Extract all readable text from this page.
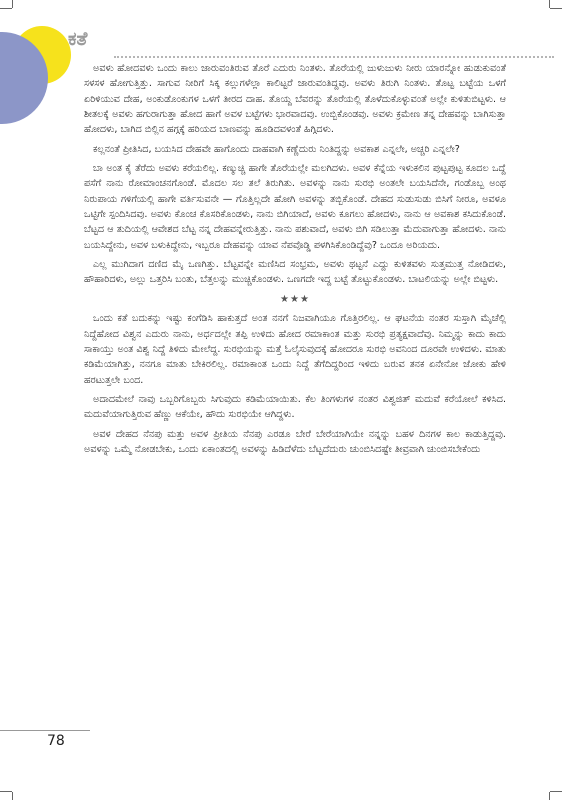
ಕತೆ

ಅವಳು ಹೋದವಳು ಒಂದು ಕಾಲು ಜಾರುವಂತಿರುವ ತೊರೆ ಎದುರು ನಿಂತಳು. ತೊರೆಯಲ್ಲಿ ಜುಳುಜುಳು ನೀರು ಯಾರನ್ನೋ ಹುಡುಕುವಂತೆ ಸಳಸಳ ಹೋಗುತ್ತಿತ್ತು. ಸಾಗುವ ನೀರಿಗೆ ಸಿಕ್ಕ ಕಲ್ಲುಗಳೆಲ್ಲಾ ಕಾಲಿಟ್ಟರೆ ಜಾರುವಂತಿದ್ದವು. ಅವಳು ತಿರುಗಿ ನಿಂತಳು. ತೊಟ್ಟ ಬಟ್ಟೆಯ ಒಳಗೆ ಏರಿಳಿಯುವ ದೇಹ, ಅಂಕುಡೊಂಕುಗಳ ಒಳಗೆ ತೀರದ ದಾಹ. ತೊಯ್ದ ಬೆವರನ್ನು ತೊರೆಯಲ್ಲಿ ತೊಳೆದುಕೊಳ್ಳುವಂತೆ ಅಲ್ಲೇ ಕುಳಿತುಬಿಟ್ಟಳು. ಆ ಶೀತಲಕ್ಕೆ ಅವಳು ಹಗುರಾಗುತ್ತಾ ಹೋದ ಹಾಗೆ ಅವಳ ಬಟ್ಟೆಗಳು ಭಾರವಾದವು. ಉಬ್ಬಿಕೊಂಡವು. ಅವಳು ಕ್ರಮೇಣ ತನ್ನ ದೇಹವನ್ನು ಬಾಗಿಸುತ್ತಾ ಹೋದಳು, ಬಾಗಿದ ಬಿಲ್ಲಿನ ಹಗ್ಗಕ್ಕೆ ಹರಿಯದ ಬಾಣವನ್ನು ಹೂಡಿದವಳಂತೆ ಹಿಗ್ಗಿದಳು.

ಕಲ್ಲನಂತೆ ಪ್ರೀತಿಸಿದ, ಬಯಸಿದ ದೇಹವೇ ಹಾಗೊಂದು ದಾಹವಾಗಿ ಕಣ್ಣೆದುರು ನಿಂತಿದ್ದನ್ನು ಅವಕಾಶ ಎನ್ನಲೇ, ಅಚ್ಚರಿ ಎನ್ನಲೇ?

ಬಾ ಅಂತ ಕೈ ತೆರೆದು ಅವಳು ಕರೆಯಲಿಲ್ಲ. ಕಣ್ಮುಚ್ಚಿ ಹಾಗೇ ತೊರೆಯಲ್ಲೇ ಮಲಗಿದಳು. ಅವಳ ಕೆನ್ನೆಯ ಇಳುಕಲಿನ ಪುಟ್ಟಪುಟ್ಟ ಕೂದಲ ಒದ್ದೆ ಪಸೆಗೆ ನಾನು ರೋಮಾಂಚನಗೊಂಡೆ. ಮೊದಲ ಸಲ ತಲೆ ತಿರುಗಿತು. ಅವಳನ್ನು ನಾನು ಸುರಭಿ ಅಂತಲೇ ಬಯಸಿದೆನೇ, ಗಂಡೊಬ್ಬ ಅಂಥ ನಿರುಪಾಯ ಗಳಿಗೆಯಲ್ಲಿ ಹಾಗೇ ವರ್ತಿಸುವನೇ — ಗೊತ್ತಿಲ್ಲದೇ ಹೋಗಿ ಅವಳನ್ನು ತಬ್ಬಿಕೊಂಡೆ. ದೇಹದ ಸುಡುಸುಡು ಬಿಸಿಗೆ ನೀರೂ, ಅವಳೂ ಒಟ್ಟಿಗೇ ಸ್ಪಂದಿಸಿದವು. ಅವಳು ಕೊಂಚ ಕೊಸರಿಕೊಂಡಳು, ನಾನು ಬಿಗಿಯಾದೆ, ಅವಳು ಕೂಗಲು ಹೋದಳು, ನಾನು ಆ ಅವಕಾಶ ಕಸಿದುಕೊಂಡೆ. ಬೆಟ್ಟದ ಆ ತುದಿಯಲ್ಲಿ ಆವೇಶದ ಬೆಟ್ಟ ನನ್ನ ದೇಹವನ್ನೇರುತ್ತಿತ್ತು. ನಾನು ಪಶುವಾದೆ, ಅವಳು ಬಿಗಿ ಸಡಿಲುತ್ತಾ ಮೆದುವಾಗುತ್ತಾ ಹೋದಳು. ನಾನು ಬಯಸಿದ್ದೇನು, ಅವಳ ಬಳುಕಿದ್ದೇನು, ಇಬ್ಬರೂ ದೇಹವನ್ನು ಯಾವ ನೆಪವೊಡ್ಡಿ ಪಳಗಿಸಿಕೊಂಡಿದ್ದೆವು? ಒಂದೂ ಅರಿಯದು.

ಎಲ್ಲ ಮುಗಿದಾಗ ದಣಿದ ಮೈ ಒಣಗಿತ್ತು. ಬೆಟ್ಟವನ್ನೇ ಮಣಿಸಿದ ಸಂಭ್ರಮ, ಅವಳು ಥಟ್ಟನೆ ಎದ್ದು ಕುಳಿತವಳು ಸುತ್ತಮುತ್ತ ನೋಡಿದಳು, ಹೌಹಾರಿದಳು, ಅಲ್ಲು ಒತ್ತರಿಸಿ ಬಂತು, ಬೆತ್ತಲನ್ನು ಮುಚ್ಚಿಕೊಂಡಳು. ಒಣಗದೇ ಇದ್ದ ಬಟ್ಟೆ ತೊಟ್ಟುಕೊಂಡಳು. ಬಾಟಲಿಯನ್ನು ಅಲ್ಲೇ ಬಿಟ್ಟಳು.

★★★

ಒಂದು ಕತೆ ಬದುಕನ್ನು ಇಷ್ಟು ಕಂಗೆಡಿಸಿ ಹಾಕುತ್ತದೆ ಅಂತ ನನಗೆ ನಿಜವಾಗಿಯೂ ಗೊತ್ತಿರಲಿಲ್ಲ. ಆ ಘಟನೆಯ ನಂತರ ಸುಸ್ತಾಗಿ ಮೈಚೆಲ್ಲಿ ನಿದ್ದೆಹೋದ ವಿಶ್ವನ ಎದುರು ನಾನು, ಅರ್ಧದಲ್ಲೇ ತಪ್ಪಿ ಉಳಿದು ಹೋದ ರಮಾಕಾಂತ ಮತ್ತು ಸುರಭಿ ಪ್ರತ್ಯಕ್ಷವಾದೆವು. ನಿಮ್ಮನ್ನು ಕಾದು ಕಾದು ಸಾಕಾಯ್ತು ಅಂತ ವಿಶ್ವ ನಿದ್ದೆ ತಿಳಿದು ಮೇಲೆದ್ದ. ಸುರಭಿಯನ್ನು ಮತ್ತೆ ಓಲೈಸುವುದಕ್ಕೆ ಹೋದರೂ ಸುರಭಿ ಅವನಿಂದ ದೂರವೇ ಉಳಿದಳು. ಮಾತು ಕಡಿಮೆಯಾಗಿತ್ತು, ನನಗೂ ಮಾತು ಬೇಕಿರಲಿಲ್ಲ. ರಮಾಕಾಂತ ಒಂದು ನಿದ್ದೆ ತೆಗೆದಿದ್ದರಿಂದ ಇಳಿದು ಬರುವ ತನಕ ಏನೇನೋ ಜೋಕು ಹೇಳಿ ಹರಟುತ್ತಲೇ ಬಂದ.

ಅದಾದಮೇಲೆ ನಾವು ಒಬ್ಬರಿಗೊಬ್ಬರು ಸಿಗುವುದು ಕಡಿಮೆಯಾಯಿತು. ಕೆಲ ತಿಂಗಳುಗಳ ನಂತರ ವಿಶ್ವಜಿತ್ ಮದುವೆ ಕರೆಯೋಲೆ ಕಳಿಸಿದ. ಮದುವೆಯಾಗುತ್ತಿರುವ ಹೆಣ್ಣು ಆಕೆಯೇ, ಹೌದು ಸುರಭಿಯೇ ಆಗಿದ್ದಳು.

ಅವಳ ದೇಹದ ನೆನಪು ಮತ್ತು ಅವಳ ಪ್ರೀತಿಯ ನೆನಪು ಎರಡೂ ಬೇರೆ ಬೇರೆಯಾಗಿಯೇ ನನ್ನನ್ನು ಬಹಳ ದಿನಗಳ ಕಾಲ ಕಾಡುತ್ತಿದ್ದವು. ಅವಳನ್ನು ಒಮ್ಮೆ ನೋಡಬೇಕು, ಒಂದು ಏಕಾಂತದಲ್ಲಿ ಅವಳನ್ನು ಹಿಡಿದೆಳೆದು ಬೆಟ್ಟದೆದುರು ಚುಂಬಿಸಿದಷ್ಟೇ ತೀವ್ರವಾಗಿ ಚುಂಬಿಸಬೇಕೆಂದು

78
